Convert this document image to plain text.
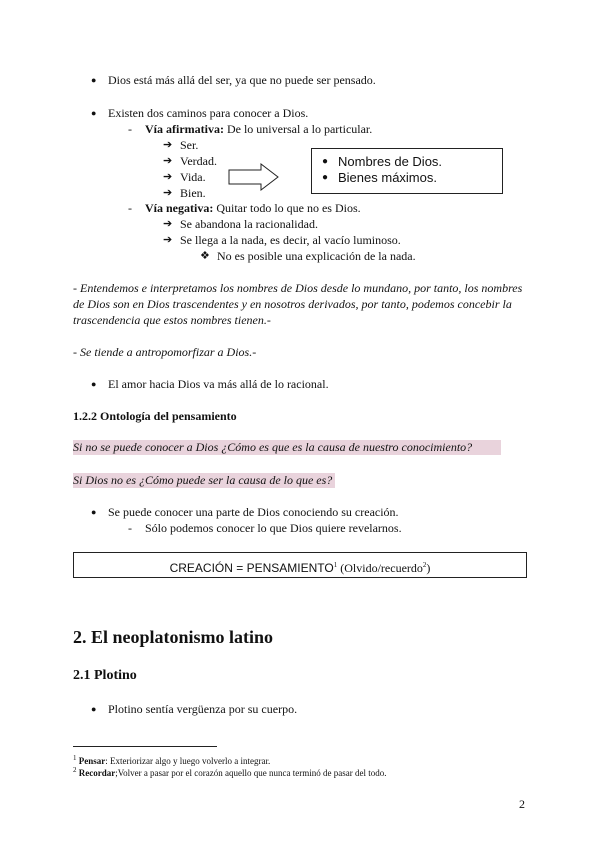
● Dios está más allá del ser, ya que no puede ser pensado.
● Existen dos caminos para conocer a Dios.
- Vía afirmativa: De lo universal a lo particular.
➔ Ser.
➔ Verdad.
➔ Vida.
➔ Bien.
● Nombres de Dios.
● Bienes máximos.
- Vía negativa: Quitar todo lo que no es Dios.
➔ Se abandona la racionalidad.
➔ Se llega a la nada, es decir, al vacío luminoso.
❖ No es posible una explicación de la nada.
- Entendemos e interpretamos los nombres de Dios desde lo mundano, por tanto, los nombres
de Dios son en Dios trascendentes y en nosotros derivados, por tanto, podemos concebir la
trascendencia que estos nombres tienen.-
- Se tiende a antropomorfizar a Dios.-
● El amor hacia Dios va más allá de lo racional.
1.2.2 Ontología del pensamiento
Si no se puede conocer a Dios ¿Cómo es que es la causa de nuestro conocimiento?
Si Dios no es ¿Cómo puede ser la causa de lo que es?
● Se puede conocer una parte de Dios conociendo su creación.
- Sólo podemos conocer lo que Dios quiere revelarnos.
CREACIÓN = $PENSAMIENTO^1$ (Olvido/recuerdo$^2$)
2. El neoplatonismo latino
2.1 Plotino
● Plotino sentía vergüenza por su cuerpo.
$^1$ Pensar: Exteriorizar algo y luego volverlo a integrar.
$^2$ Recordar;Volver a pasar por el corazón aquello que nunca terminó de pasar del todo.
2
